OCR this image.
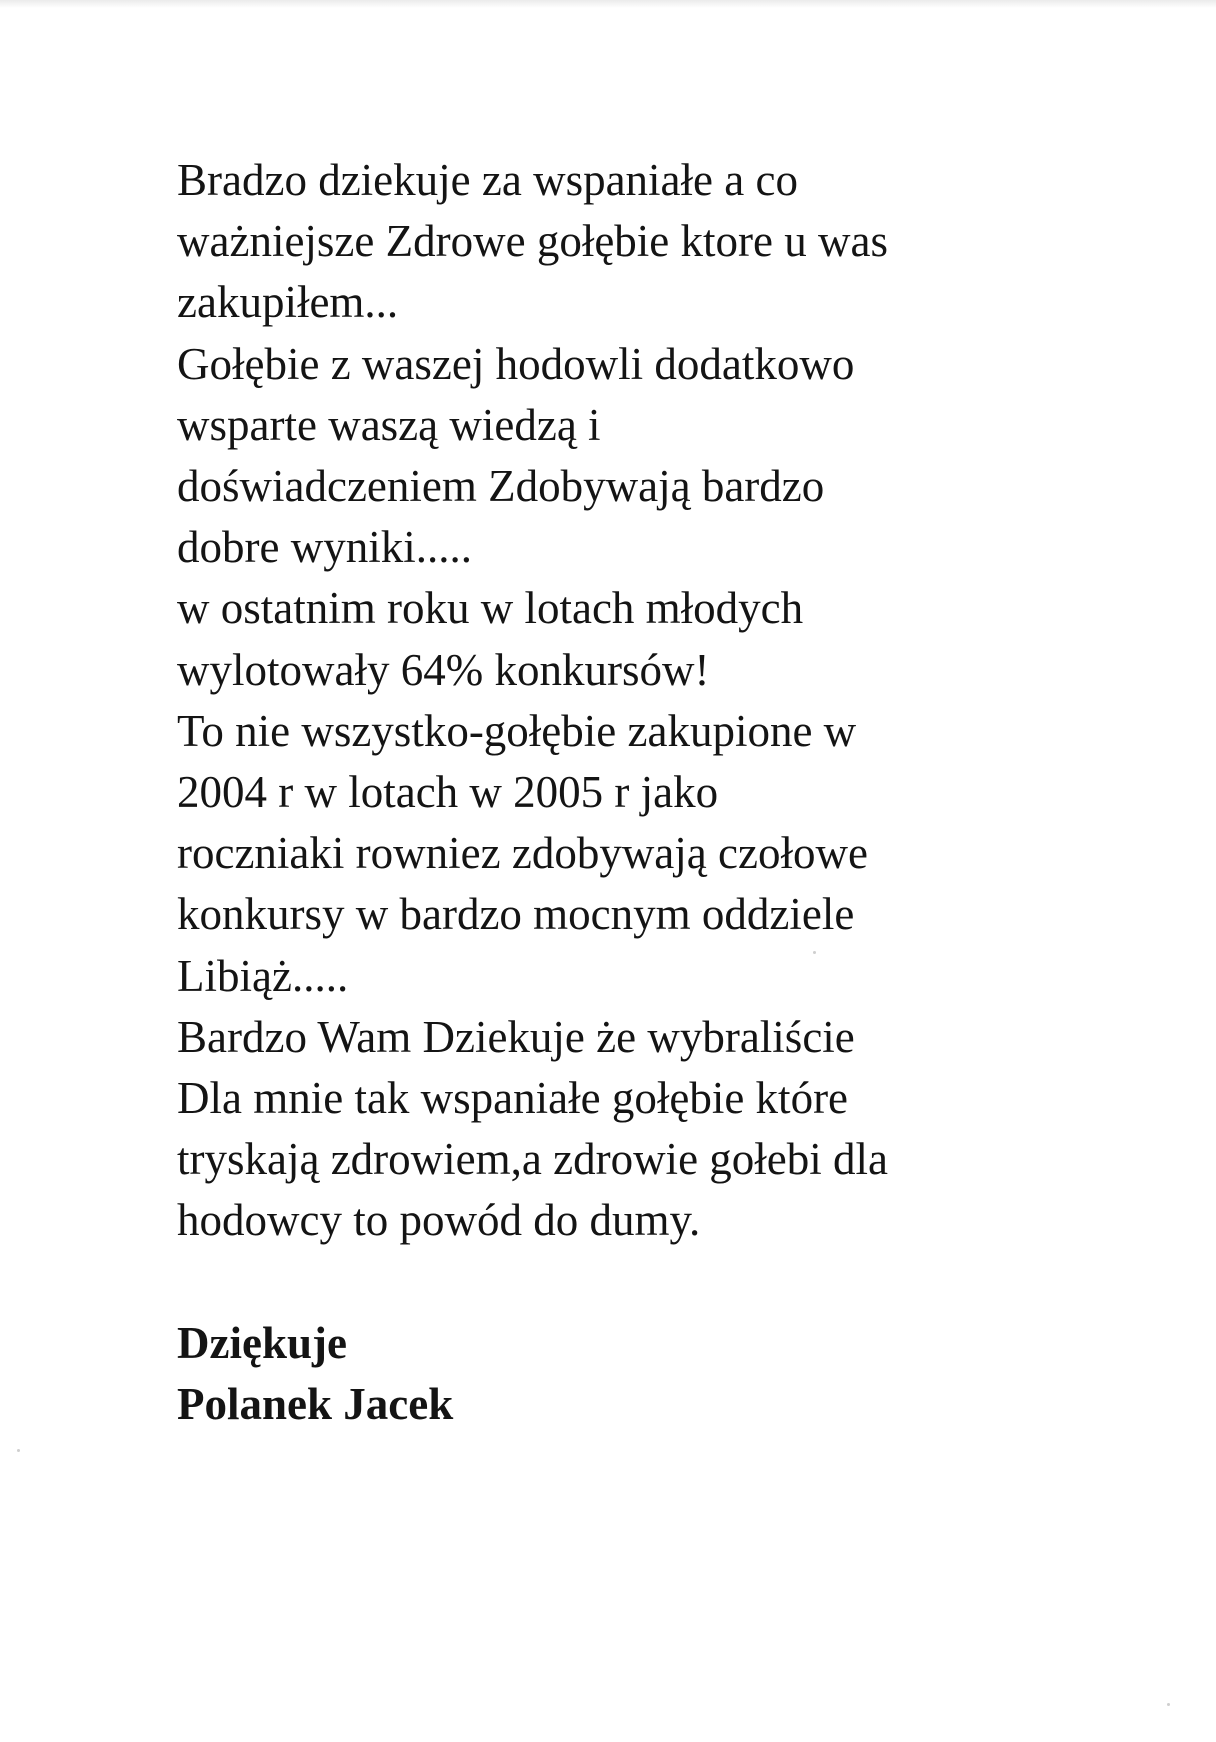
Bradzo dziekuje za wspaniałe a co
ważniejsze Zdrowe gołębie ktore u was
zakupiłem...
Gołębie z waszej hodowli dodatkowo
wsparte waszą wiedzą i
doświadczeniem Zdobywają bardzo
dobre wyniki.....
w ostatnim roku w lotach młodych
wylotowały 64% konkursów!
To nie wszystko-gołębie zakupione w
2004 r w lotach w 2005 r jako
roczniaki rowniez zdobywają czołowe
konkursy w bardzo mocnym oddziele
Libiąż.....
Bardzo Wam Dziekuje że wybraliście
Dla mnie tak wspaniałe gołębie które
tryskają zdrowiem,a zdrowie gołebi dla
hodowcy to powód do dumy.
Dziękuje
Polanek Jacek
